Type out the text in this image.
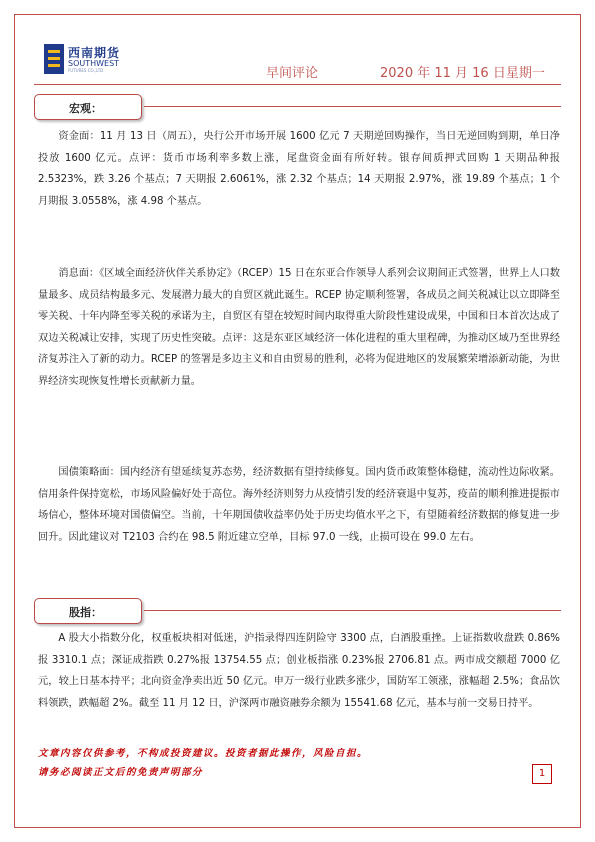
西南期货
SOUTHWEST
FUTURES CO.,LTD	早间评论	2020 年 11 月 16 日星期一
宏观：
资金面：11 月 13 日（周五），央行公开市场开展 1600 亿元 7 天期逆回购操作，当日无逆回购到期，单日净投放 1600 亿元。点评：货币市场利率多数上涨，尾盘资金面有所好转。银存间质押式回购 1 天期品种报 2.5323%，跌 3.26 个基点；7 天期报 2.6061%，涨 2.32 个基点；14 天期报 2.97%，涨 19.89 个基点；1 个月期报 3.0558%，涨 4.98 个基点。
消息面：《区域全面经济伙伴关系协定》（RCEP）15 日在东亚合作领导人系列会议期间正式签署，世界上人口数量最多、成员结构最多元、发展潜力最大的自贸区就此诞生。RCEP 协定顺利签署，各成员之间关税减让以立即降至零关税、十年内降至零关税的承诺为主，自贸区有望在较短时间内取得重大阶段性建设成果，中国和日本首次达成了双边关税减让安排，实现了历史性突破。点评：这是东亚区域经济一体化进程的重大里程碑，为推动区域乃至世界经济复苏注入了新的动力。RCEP 的签署是多边主义和自由贸易的胜利，必将为促进地区的发展繁荣增添新动能，为世界经济实现恢复性增长贡献新力量。
国债策略面：国内经济有望延续复苏态势，经济数据有望持续修复。国内货币政策整体稳健，流动性边际收紧。信用条件保持宽松，市场风险偏好处于高位。海外经济则努力从疫情引发的经济衰退中复苏，疫苗的顺利推进提振市场信心，整体环境对国债偏空。当前，十年期国债收益率仍处于历史均值水平之下，有望随着经济数据的修复进一步回升。因此建议对 T2103 合约在 98.5 附近建立空单，目标 97.0 一线，止损可设在 99.0 左右。
股指：
A 股大小指数分化，权重板块相对低迷，沪指录得四连阴险守 3300 点，白酒股重挫。上证指数收盘跌 0.86%报 3310.1 点；深证成指跌 0.27%报 13754.55 点；创业板指涨 0.23%报 2706.81 点。两市成交额超 7000 亿元，较上日基本持平；北向资金净卖出近 50 亿元。申万一级行业跌多涨少，国防军工领涨，涨幅超 2.5%；食品饮料领跌，跌幅超 2%。截至 11 月 12 日，沪深两市融资融券余额为 15541.68 亿元，基本与前一交易日持平。
文章内容仅供参考，不构成投资建议。投资者据此操作，风险自担。
请务必阅读正文后的免责声明部分	1
